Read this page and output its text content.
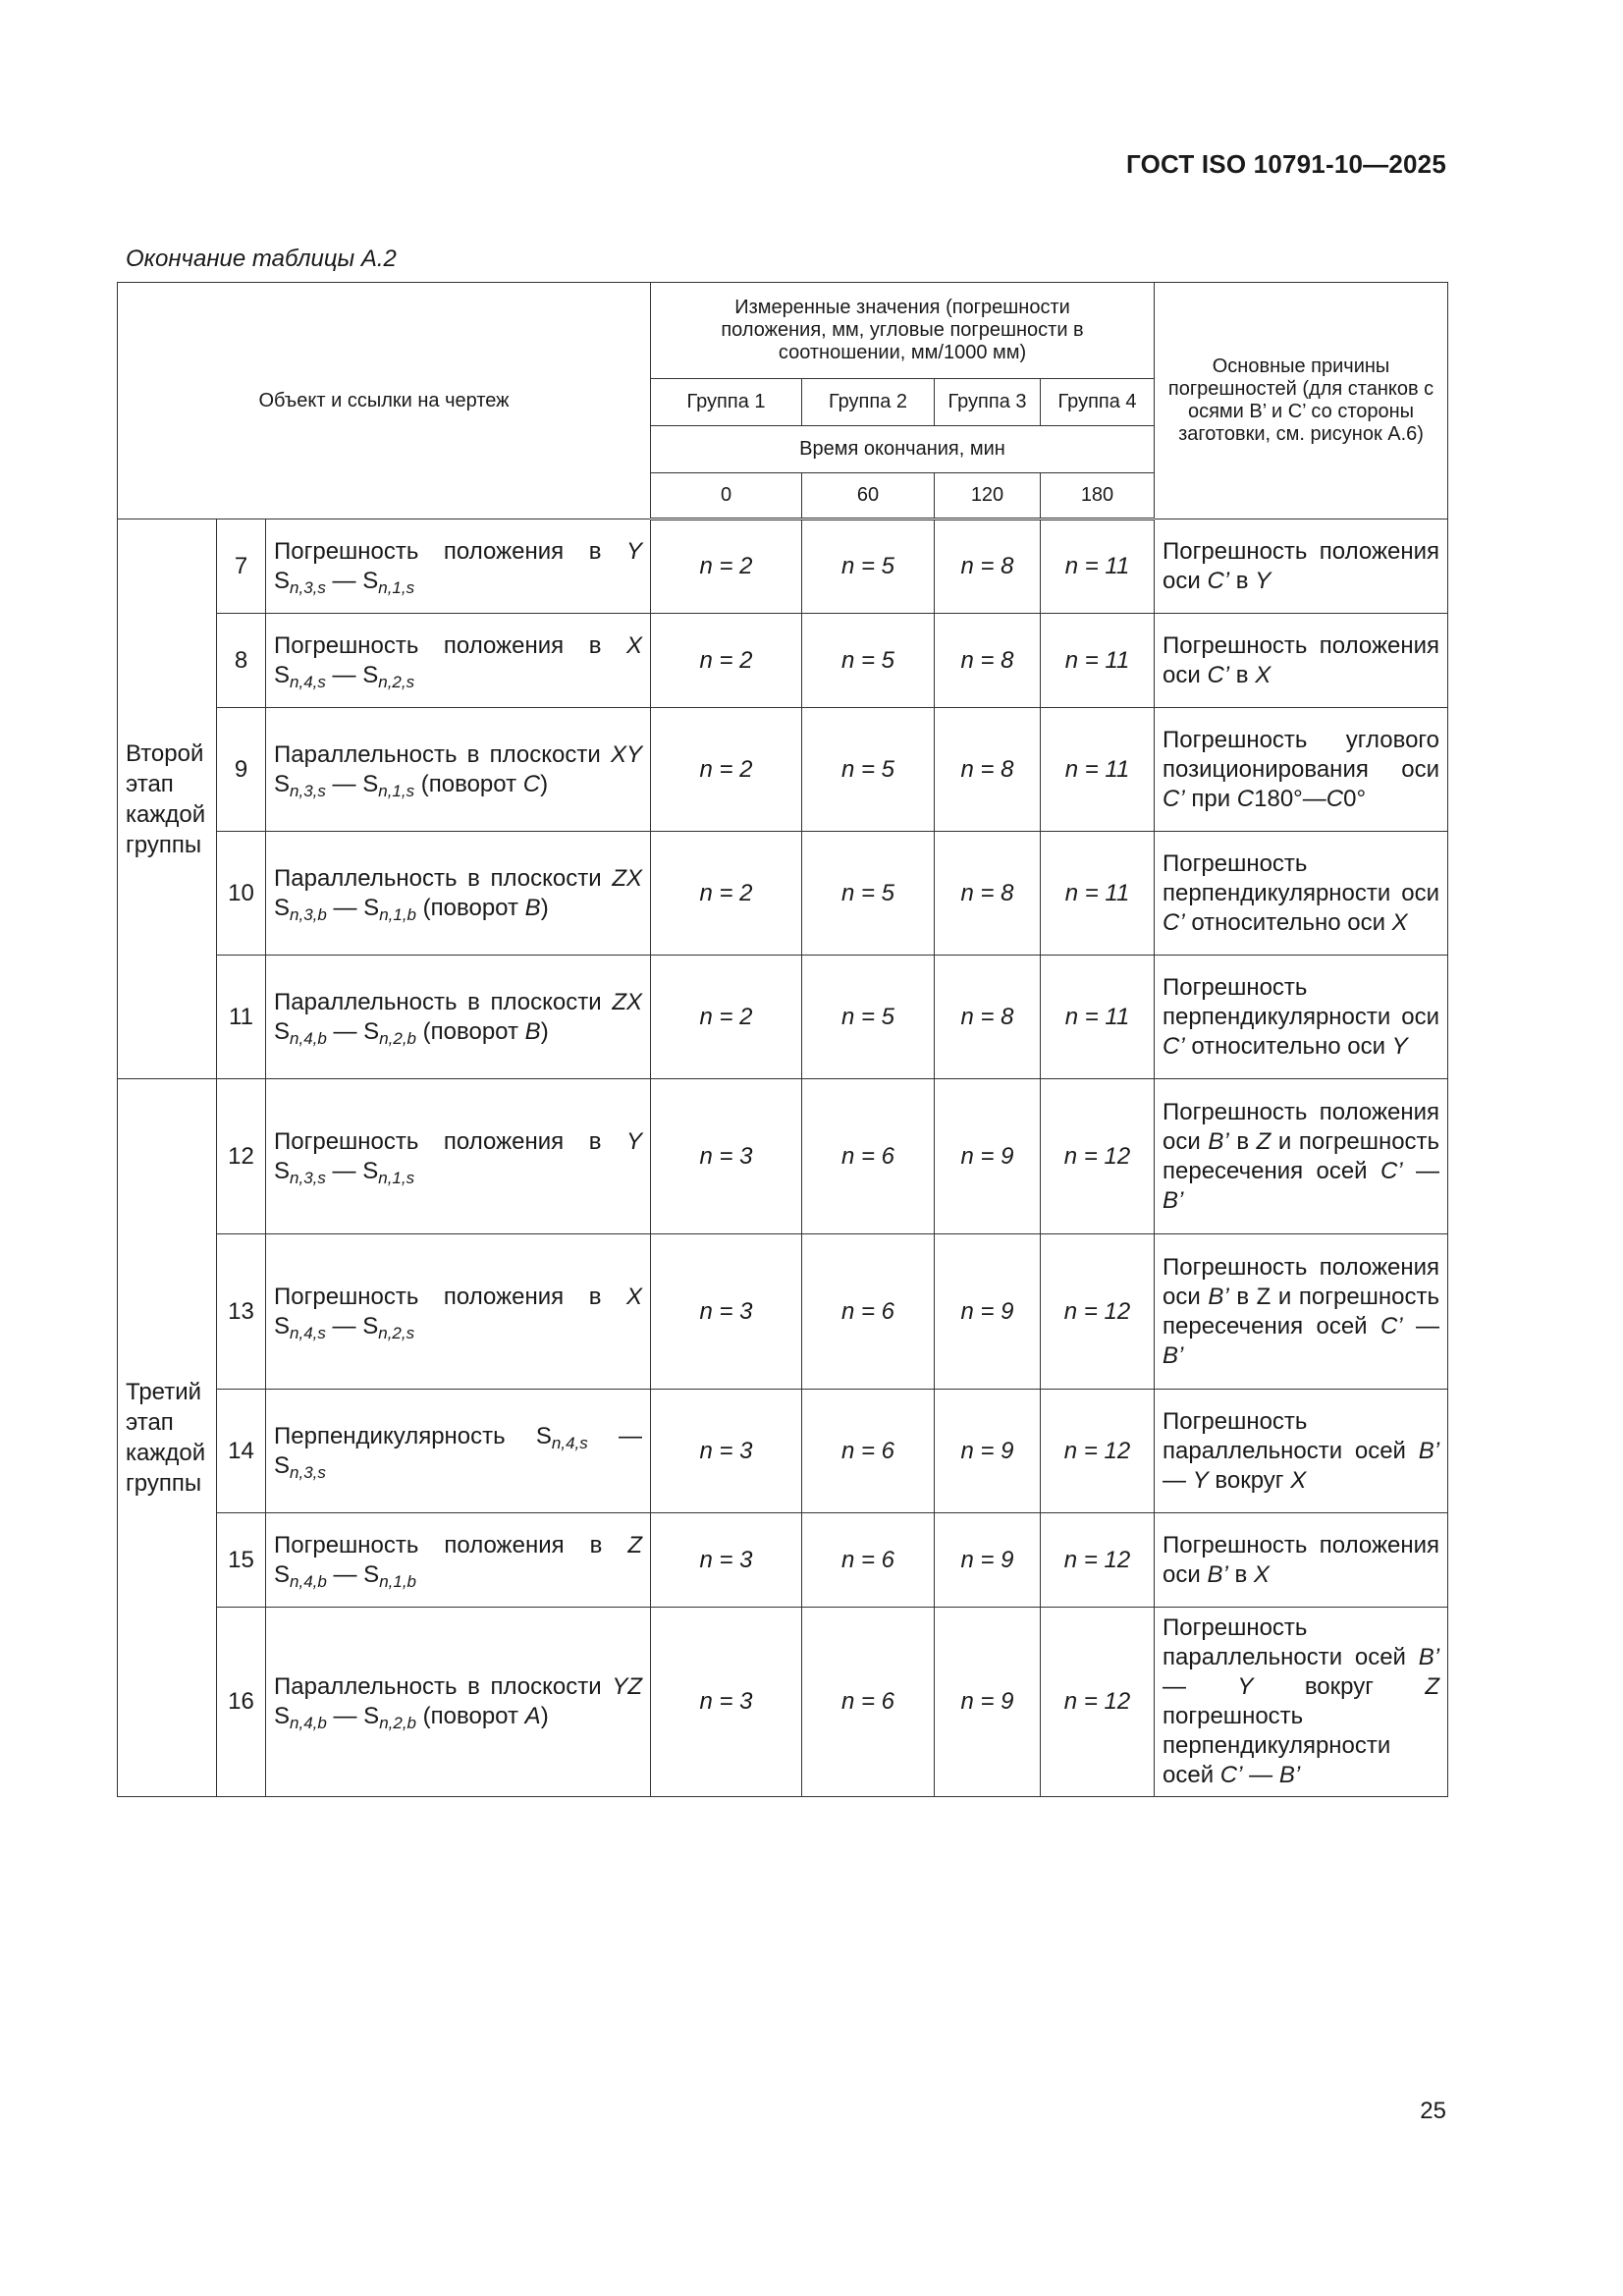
ГОСТ ISO 10791-10—2025
Окончание таблицы А.2
Объект и ссылки на чертеж			Измеренные значения (погрешности положения, мм, угловые погрешности в соотношении, мм/1000 мм)				Основные причины погрешностей (для станков с осями B’ и C’ со стороны заготовки, см. рисунок А.6)
			Группа 1	Группа 2	Группа 3	Группа 4	
			Время окончания, мин				
			0	60	120	180	
Второй этап каждой группы	7	Погрешность положения в Y $S_{n,3,s}$ — $S_{n,1,s}$	n = 2	n = 5	n = 8	n = 11	Погрешность положения оси C’ в Y
	8	Погрешность положения в X $S_{n,4,s}$ — $S_{n,2,s}$	n = 2	n = 5	n = 8	n = 11	Погрешность положения оси C’ в X
	9	Параллельность в плоскости XY $S_{n,3,s}$ — $S_{n,1,s}$ (поворот C)	n = 2	n = 5	n = 8	n = 11	Погрешность углового позиционирования оси C’ при C180°—C0°
	10	Параллельность в плоскости ZX $S_{n,3,b}$ — $S_{n,1,b}$ (поворот B)	n = 2	n = 5	n = 8	n = 11	Погрешность перпендикулярности оси C’ относительно оси X
	11	Параллельность в плоскости ZX $S_{n,4,b}$ — $S_{n,2,b}$ (поворот B)	n = 2	n = 5	n = 8	n = 11	Погрешность перпендикулярности оси C’ относительно оси Y
Третий этап каждой группы	12	Погрешность положения в Y $S_{n,3,s}$ — $S_{n,1,s}$	n = 3	n = 6	n = 9	n = 12	Погрешность положения оси B’ в Z и погрешность пересечения осей C’ — B’
	13	Погрешность положения в X $S_{n,4,s}$ — $S_{n,2,s}$	n = 3	n = 6	n = 9	n = 12	Погрешность положения оси B’ в Z и погрешность пересечения осей C’ — B’
	14	Перпендикулярность $S_{n,4,s}$ — $S_{n,3,s}$	n = 3	n = 6	n = 9	n = 12	Погрешность параллельности осей B’ — Y вокруг X
	15	Погрешность положения в Z $S_{n,4,b}$ — $S_{n,1,b}$	n = 3	n = 6	n = 9	n = 12	Погрешность положения оси B’ в X
	16	Параллельность в плоскости YZ $S_{n,4,b}$ — $S_{n,2,b}$ (поворот A)	n = 3	n = 6	n = 9	n = 12	Погрешность параллельности осей B’ — Y вокруг Z погрешность перпендикулярности осей C’ — B’
25
